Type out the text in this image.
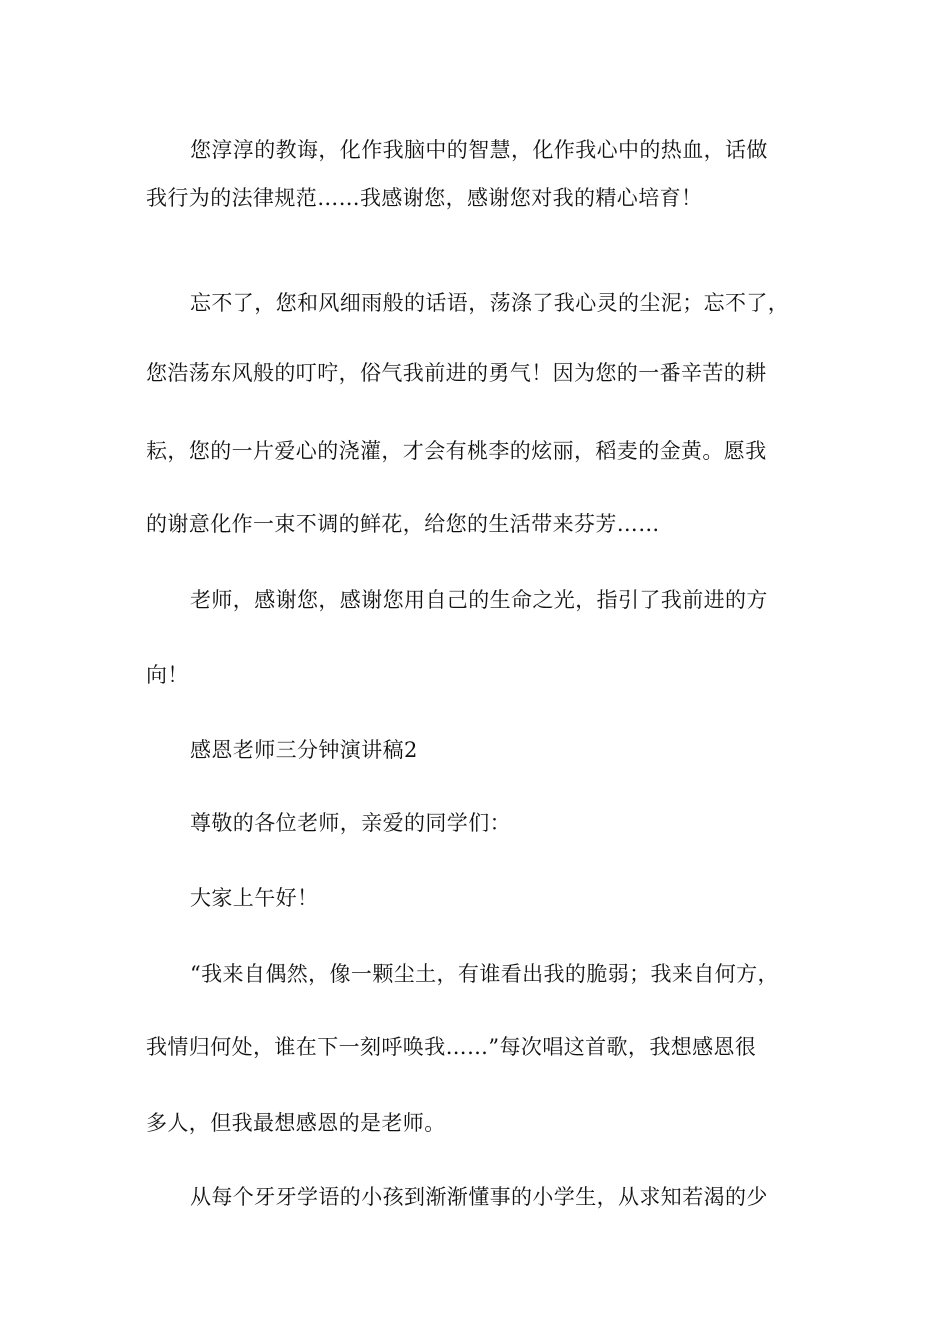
您淳淳的教诲，化作我脑中的智慧，化作我心中的热血，话做
我行为的法律规范……我感谢您，感谢您对我的精心培育！
忘不了，您和风细雨般的话语，荡涤了我心灵的尘泥；忘不了，
您浩荡东风般的叮咛，俗气我前进的勇气！因为您的一番辛苦的耕
耘，您的一片爱心的浇灌，才会有桃李的炫丽，稻麦的金黄。愿我
的谢意化作一束不调的鲜花，给您的生活带来芬芳……
老师，感谢您，感谢您用自己的生命之光，指引了我前进的方
向！
感恩老师三分钟演讲稿2
尊敬的各位老师，亲爱的同学们：
大家上午好！
“我来自偶然，像一颗尘土，有谁看出我的脆弱；我来自何方，
我情归何处，谁在下一刻呼唤我……”每次唱这首歌，我想感恩很
多人，但我最想感恩的是老师。
从每个牙牙学语的小孩到渐渐懂事的小学生，从求知若渴的少
